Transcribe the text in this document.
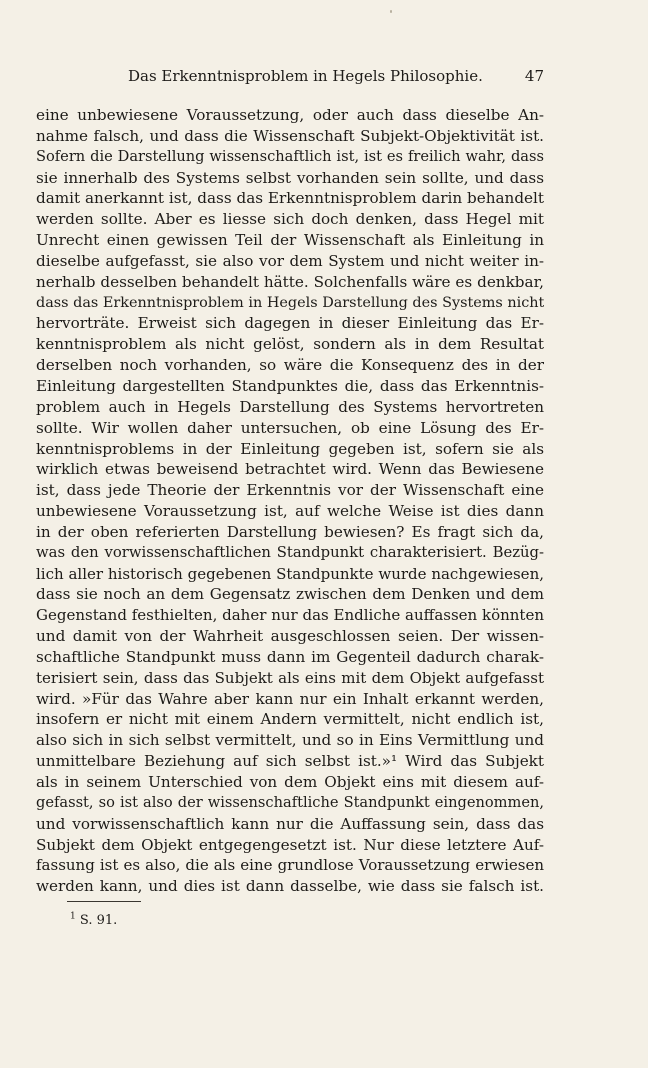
Das Erkenntnisproblem in Hegels Philosophie.	47
eine unbewiesene Voraussetzung, oder auch dass dieselbe An-
nahme falsch, und dass die Wissenschaft Subjekt-Objektivität ist.
Sofern die Darstellung wissenschaftlich ist, ist es freilich wahr, dass
sie innerhalb des Systems selbst vorhanden sein sollte, und dass
damit anerkannt ist, dass das Erkenntnisproblem darin behandelt
werden sollte. Aber es liesse sich doch denken, dass Hegel mit
Unrecht einen gewissen Teil der Wissenschaft als Einleitung in
dieselbe aufgefasst, sie also vor dem System und nicht weiter in-
nerhalb desselben behandelt hätte. Solchenfalls wäre es denkbar,
dass das Erkenntnisproblem in Hegels Darstellung des Systems nicht
hervorträte. Erweist sich dagegen in dieser Einleitung das Er-
kenntnisproblem als nicht gelöst, sondern als in dem Resultat
derselben noch vorhanden, so wäre die Konsequenz des in der
Einleitung dargestellten Standpunktes die, dass das Erkenntnis-
problem auch in Hegels Darstellung des Systems hervortreten
sollte. Wir wollen daher untersuchen, ob eine Lösung des Er-
kenntnisproblems in der Einleitung gegeben ist, sofern sie als
wirklich etwas beweisend betrachtet wird. Wenn das Bewiesene
ist, dass jede Theorie der Erkenntnis vor der Wissenschaft eine
unbewiesene Voraussetzung ist, auf welche Weise ist dies dann
in der oben referierten Darstellung bewiesen? Es fragt sich da,
was den vorwissenschaftlichen Standpunkt charakterisiert. Bezüg-
lich aller historisch gegebenen Standpunkte wurde nachgewiesen,
dass sie noch an dem Gegensatz zwischen dem Denken und dem
Gegenstand festhielten, daher nur das Endliche auffassen könnten
und damit von der Wahrheit ausgeschlossen seien. Der wissen-
schaftliche Standpunkt muss dann im Gegenteil dadurch charak-
terisiert sein, dass das Subjekt als eins mit dem Objekt aufgefasst
wird. »Für das Wahre aber kann nur ein Inhalt erkannt werden,
insofern er nicht mit einem Andern vermittelt, nicht endlich ist,
also sich in sich selbst vermittelt, und so in Eins Vermittlung und
unmittelbare Beziehung auf sich selbst ist.»¹ Wird das Subjekt
als in seinem Unterschied von dem Objekt eins mit diesem auf-
gefasst, so ist also der wissenschaftliche Standpunkt eingenommen,
und vorwissenschaftlich kann nur die Auffassung sein, dass das
Subjekt dem Objekt entgegengesetzt ist. Nur diese letztere Auf-
fassung ist es also, die als eine grundlose Voraussetzung erwiesen
werden kann, und dies ist dann dasselbe, wie dass sie falsch ist.
$^1$ S. 91.
